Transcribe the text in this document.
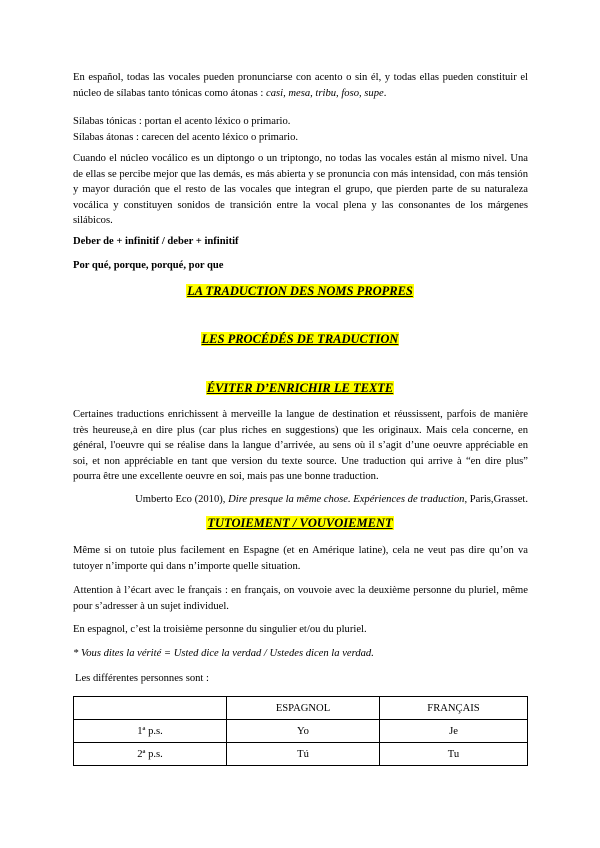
En español, todas las vocales pueden pronunciarse con acento o sin él, y todas ellas pueden constituir el núcleo de sílabas tanto tónicas como átonas : casi, mesa, tribu, foso, supe.

Sílabas tónicas : portan el acento léxico o primario.
Sílabas átonas : carecen del acento léxico o primario.

Cuando el núcleo vocálico es un diptongo o un triptongo, no todas las vocales están al mismo nivel. Una de ellas se percibe mejor que las demás, es más abierta y se pronuncia con más intensidad, con más tensión y mayor duración que el resto de las vocales que integran el grupo, que pierden parte de su naturaleza vocálica y constituyen sonidos de transición entre la vocal plena y las consonantes de los márgenes silábicos.

Deber de + infinitif / deber + infinitif

Por qué, porque, porqué, por que

LA TRADUCTION DES NOMS PROPRES
LES PROCÉDÉS DE TRADUCTION
ÉVITER D’ENRICHIR LE TEXTE

Certaines traductions enrichissent à merveille la langue de destination et réussissent, parfois de manière très heureuse,à en dire plus (car plus riches en suggestions) que les originaux. Mais cela concerne, en général, l'oeuvre qui se réalise dans la langue d’arrivée, au sens où il s’agit d’une oeuvre appréciable en soi, et non appréciable en tant que version du texte source. Une traduction qui arrive à “en dire plus” pourra être une excellente oeuvre en soi, mais pas une bonne traduction.

Umberto Eco (2010), Dire presque la même chose. Expériences de traduction, Paris,Grasset.

TUTOIEMENT / VOUVOIEMENT

Même si on tutoie plus facilement en Espagne (et en Amérique latine), cela ne veut pas dire qu’on va tutoyer n’importe qui dans n’importe quelle situation.

Attention à l’écart avec le français : en français, on vouvoie avec la deuxième personne du pluriel, même pour s’adresser à un sujet individuel.

En espagnol, c’est la troisième personne du singulier et/ou du pluriel.

* Vous dites la vérité = Usted dice la verdad / Ustedes dicen la verdad.

Les différentes personnes sont :

	ESPAGNOL	FRANÇAIS
1ª p.s.	Yo	Je
2ª p.s.	Tú	Tu
